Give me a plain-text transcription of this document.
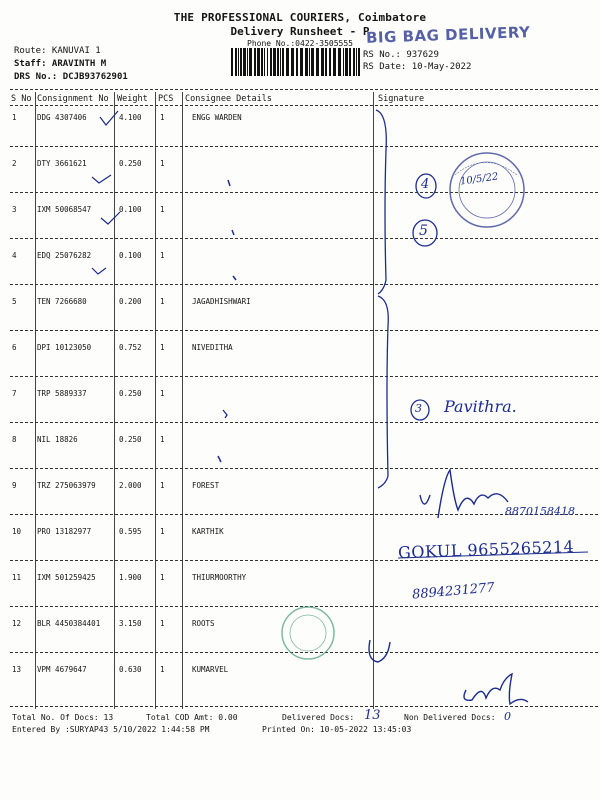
THE PROFESSIONAL COURIERS, Coimbatore
Delivery Runsheet - P
Phone No.:0422-3505555 BIG BAG DELIVERY
Route: KANUVAI 1
Staff: ARAVINTH M
DRS No.: DCJB93762901
RS No.: 937629
RS Date: 10-May-2022
S No Consignment No Weight PCS Consignee Details	Signature
1	DDG 4307406	4.100 1	ENGG WARDEN
2	DTY 3661621	0.250 1
3	IXM 50068547	0.100 1
4	EDQ 25076282	0.100 1
5	TEN 7266680	0.200 1	JAGADHISHWARI
6	DPI 10123050	0.752 1	NIVEDITHA
7	TRP 5889337	0.250 1
8	NIL 18826	0.250 1
9	TRZ 275063979	2.000 1	FOREST
10 PRO 13182977	0.595 1	KARTHIK
11 IXM 501259425	1.900 1	THIURMOORTHY
12 BLR 4450384401	3.150 1	ROOTS
13 VPM 4679647	0.630 1	KUMARVEL
10/5/22
4
5
3 Pavithra.
8870158418
GOKUL 9655265214
8894231277
Total No. Of Docs: 13	Total COD Amt: 0.00	Delivered Docs: 13	Non Delivered Docs: 0
Entered By :SURYAP43 5/10/2022 1:44:58 PM	Printed On: 10-05-2022 13:45:03
